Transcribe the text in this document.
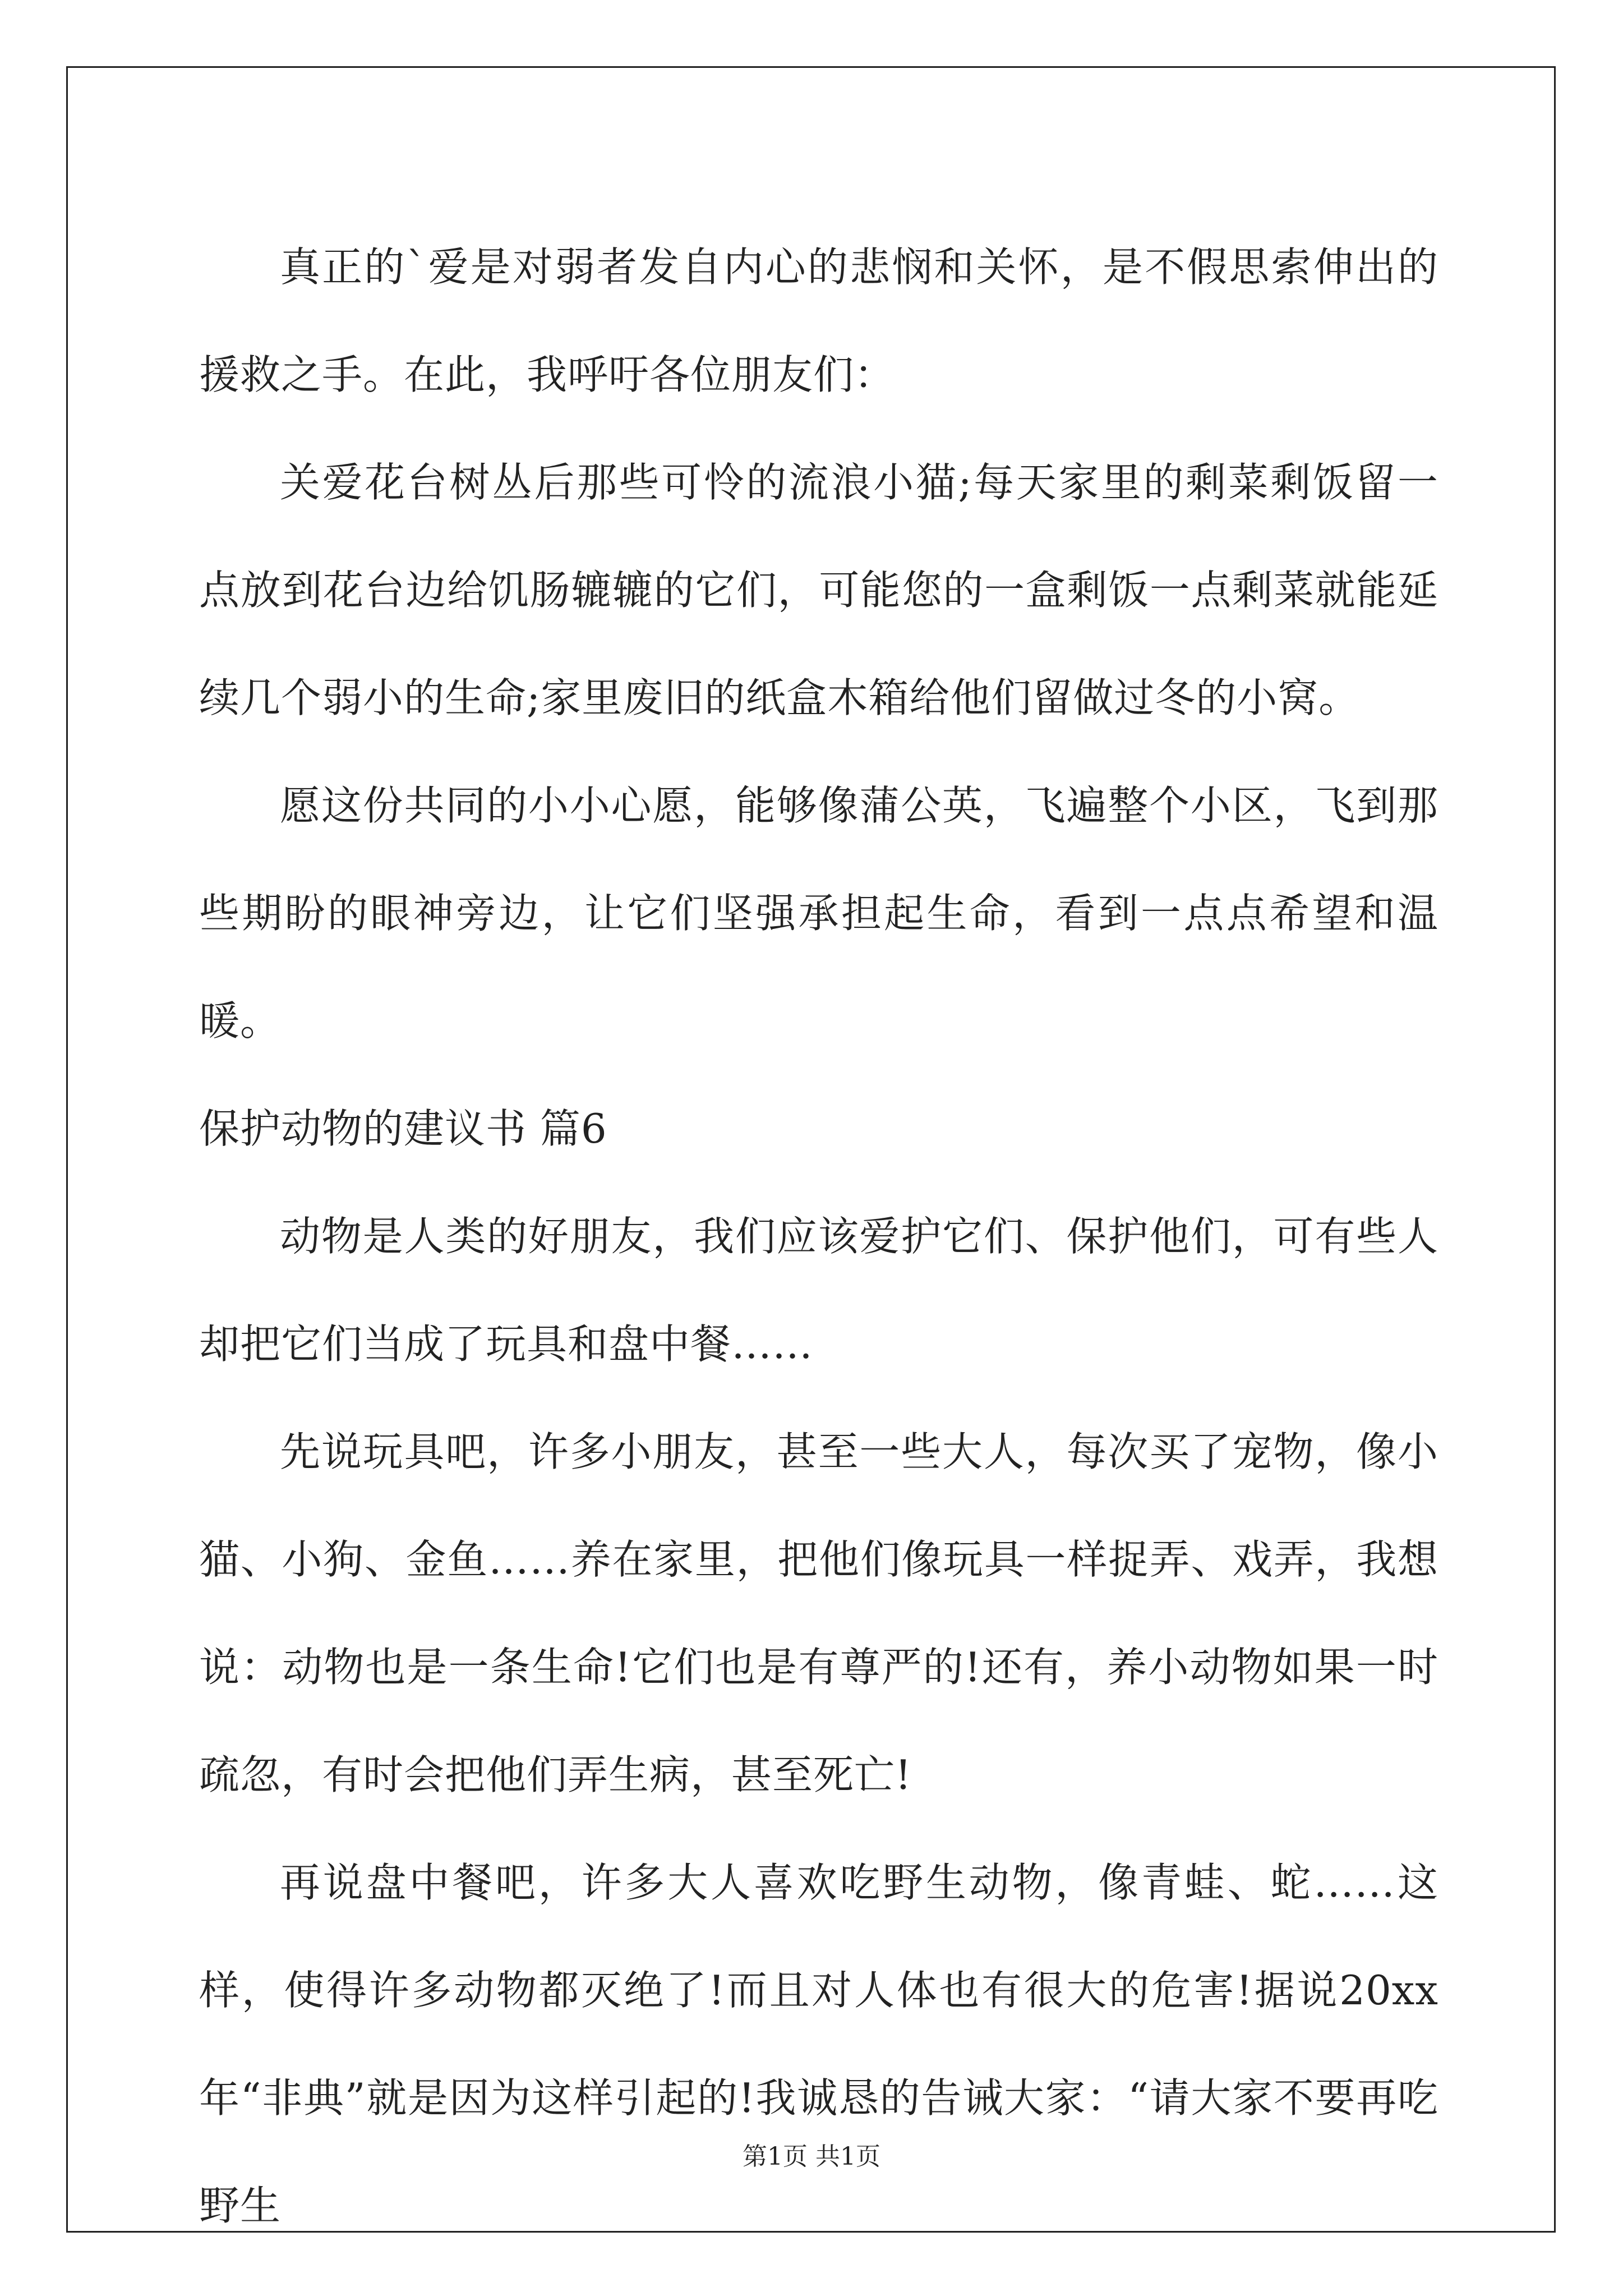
真正的`爱是对弱者发自内心的悲悯和关怀，是不假思索伸出的援救之手。在此，我呼吁各位朋友们：

关爱花台树丛后那些可怜的流浪小猫;每天家里的剩菜剩饭留一点放到花台边给饥肠辘辘的它们，可能您的一盒剩饭一点剩菜就能延续几个弱小的生命;家里废旧的纸盒木箱给他们留做过冬的小窝。

愿这份共同的小小心愿，能够像蒲公英，飞遍整个小区，飞到那些期盼的眼神旁边，让它们坚强承担起生命，看到一点点希望和温暖。

保护动物的建议书 篇6

动物是人类的好朋友，我们应该爱护它们、保护他们，可有些人却把它们当成了玩具和盘中餐……

先说玩具吧，许多小朋友，甚至一些大人，每次买了宠物，像小猫、小狗、金鱼……养在家里，把他们像玩具一样捉弄、戏弄，我想说：动物也是一条生命!它们也是有尊严的!还有，养小动物如果一时疏忽，有时会把他们弄生病，甚至死亡!

再说盘中餐吧，许多大人喜欢吃野生动物，像青蛙、蛇……这样，使得许多动物都灭绝了!而且对人体也有很大的危害!据说20xx年“非典”就是因为这样引起的!我诚恳的告诫大家：“请大家不要再吃野生

第1页 共1页
